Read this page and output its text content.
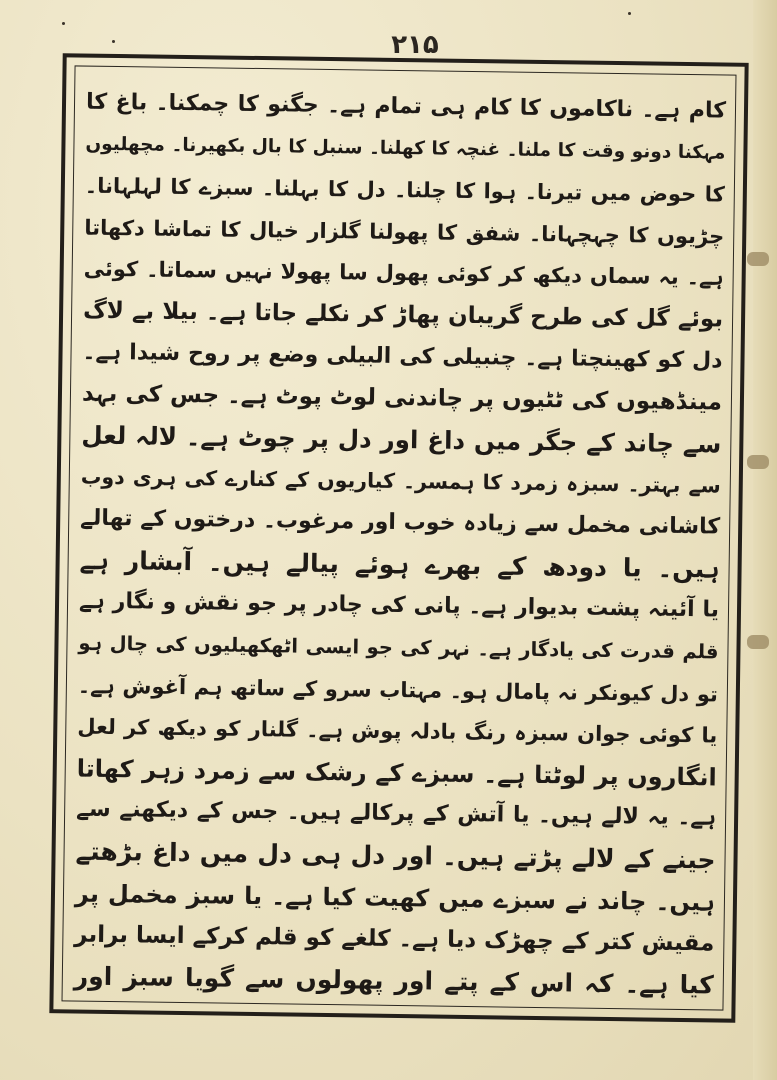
۲۱۵
کام ہے۔ ناکاموں کا کام ہی تمام ہے۔ جگنو کا چمکنا۔ باغ کا
مہکنا دونو وقت کا ملنا۔ غنچہ کا کھلنا۔ سنبل کا بال بکھیرنا۔ مچھلیوں
کا حوض میں تیرنا۔ ہوا کا چلنا۔ دل کا بہلنا۔ سبزے کا لہلہانا۔
چڑیوں کا چہچہانا۔ شفق کا پھولنا گلزار خیال کا تماشا دکھاتا
ہے۔ یہ سماں دیکھ کر کوئی پھول سا پھولا نہیں سماتا۔ کوئی
بوئے گل کی طرح گریبان پھاڑ کر نکلے جاتا ہے۔ بیلا بے لاگ
دل کو کھینچتا ہے۔ چنبیلی کی البیلی وضع پر روح شیدا ہے۔
مینڈھیوں کی ٹٹیوں پر چاندنی لوٹ پوٹ ہے۔ جس کی بہد
سے چاند کے جگر میں داغ اور دل پر چوٹ ہے۔ لالہ لعل
سے بہتر۔ سبزہ زمرد کا ہمسر۔ کیاریوں کے کنارے کی ہری دوب
کاشانی مخمل سے زیادہ خوب اور مرغوب۔ درختوں کے تھالے
ہیں۔ یا دودھ کے بھرے ہوئے پیالے ہیں۔ آبشار ہے
یا آئینہ پشت بدیوار ہے۔ پانی کی چادر پر جو نقش و نگار ہے
قلم قدرت کی یادگار ہے۔ نہر کی جو ایسی اٹھکھیلیوں کی چال ہو
تو دل کیونکر نہ پامال ہو۔ مہتاب سرو کے ساتھ ہم آغوش ہے۔
یا کوئی جوان سبزہ رنگ بادلہ پوش ہے۔ گلنار کو دیکھ کر لعل
انگاروں پر لوٹتا ہے۔ سبزے کے رشک سے زمرد زہر کھاتا
ہے۔ یہ لالے ہیں۔ یا آتش کے پرکالے ہیں۔ جس کے دیکھنے سے
جینے کے لالے پڑتے ہیں۔ اور دل ہی دل میں داغ بڑھتے
ہیں۔ چاند نے سبزے میں کھیت کیا ہے۔ یا سبز مخمل پر
مقیش کتر کے چھڑک دیا ہے۔ کلغے کو قلم کرکے ایسا برابر
کیا ہے۔ کہ اس کے پتے اور پھولوں سے گویا سبز اور
